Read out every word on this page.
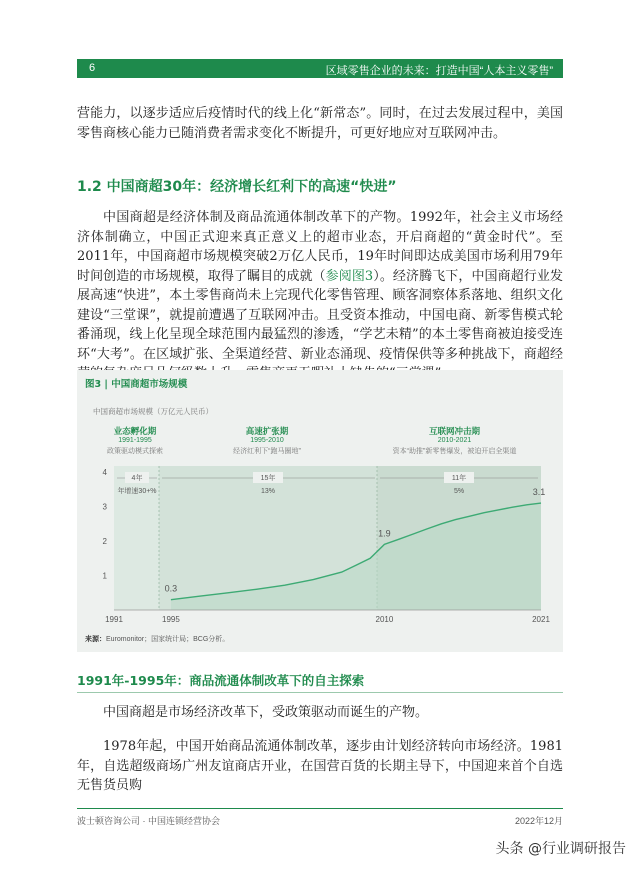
6	区域零售企业的未来：打造中国“人本主义零售”

营能力，以逐步适应后疫情时代的线上化“新常态”。同时，在过去发展过程中，美国零售商核心能力已随消费者需求变化不断提升，可更好地应对互联网冲击。

1.2 中国商超30年：经济增长红利下的高速“快进”

中国商超是经济体制及商品流通体制改革下的产物。1992年，社会主义市场经济体制确立，中国正式迎来真正意义上的超市业态，开启商超的“黄金时代”。至2011年，中国商超市场规模突破2万亿人民币，19年时间即达成美国市场利用79年时间创造的市场规模，取得了瞩目的成就（参阅图3）。经济腾飞下，中国商超行业发展高速“快进”，本土零售商尚未上完现代化零售管理、顾客洞察体系落地、组织文化建设“三堂课”，就提前遭遇了互联网冲击。且受资本推动，中国电商、新零售模式轮番涌现，线上化呈现全球范围内最猛烈的渗透，“学艺未精”的本土零售商被迫接受连环“大考”。在区域扩张、全渠道经营、新业态涌现、疫情保供等多种挑战下，商超经

图3 | 中国商超市场规模
中国商超市场规模（万亿元人民币）
业态孵化期
1991-1995
政策驱动模式探索
高速扩张期
1995-2010
经济红利下“跑马圈地”
互联网冲击期
2010-2021
资本“助推”新零售爆发，被迫开启全渠道
4年	15年	11年
年增速30+%	13%	5%
1
2
3
4
1991	1995	2010	2021
0.3
1.9
3.1
来源：Euromonitor；国家统计局；BCG分析。
1991年-1995年：商品流通体制改革下的自主探索

中国商超是市场经济改革下，受政策驱动而诞生的产物。

1978年起，中国开始商品流通体制改革，逐步由计划经济转向市场经济。1981年，自选超级商场广州友谊商店开业，在国营百货的长期主导下，中国迎来首个自选无售货员购

波士顿咨询公司 · 中国连锁经营协会	2022年12月
头条 @行业调研报告
